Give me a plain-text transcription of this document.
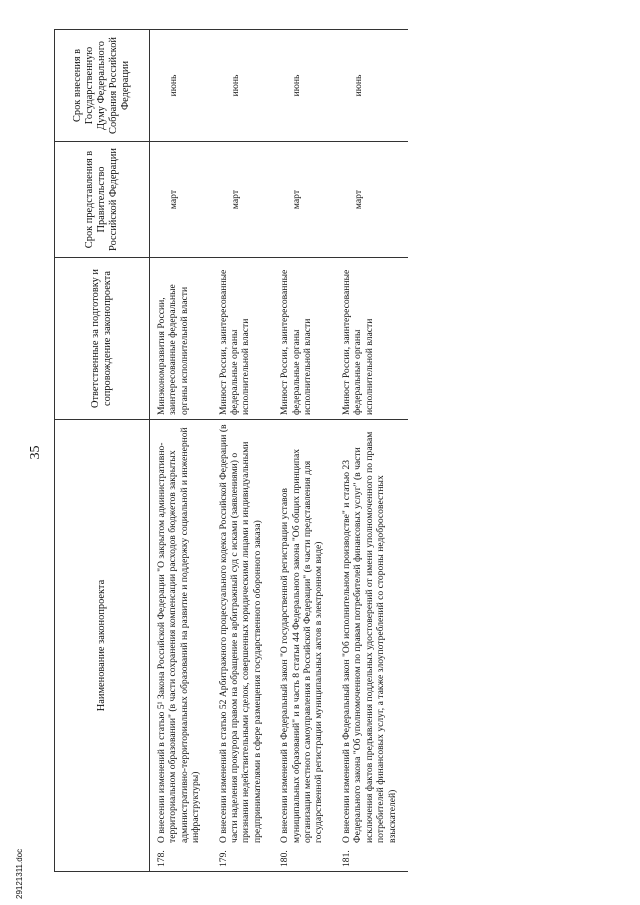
29121311.doc
35
Наименование законопроекта	Ответственные за подготовку и сопровождение законопроекта	Срок представления в Правительство Российской Федерации	Срок внесения в Государственную Думу Федерального Собрания Российской Федерации

178.
О внесении изменений в статью 5¹ Закона Российской Федерации "О закрытом административно-территориальном образовании" (в части сохранения компенсации расходов бюджетов закрытых административно-территориальных образований на развитие и поддержку социальной и инженерной инфраструктуры)	Минэкономразвития России, заинтересованные федеральные органы исполнительной власти	март	июнь

179.
О внесении изменений в статью 52 Арбитражного процессуального кодекса Российской Федерации (в части наделения прокурора правом на обращение в арбитражный суд с исками (заявлениями) о признании недействительными сделок, совершенных юридическими лицами и индивидуальными предпринимателями в сфере размещения государственного оборонного заказа)	Минюст России, заинтересованные федеральные органы исполнительной власти	март	июнь

180.
О внесении изменений в Федеральный закон "О государственной регистрации уставов муниципальных образований" и в часть 8 статьи 44 Федерального закона "Об общих принципах организации местного самоуправления в Российской Федерации" (в части представления для государственной регистрации муниципальных актов в электронном виде)	Минюст России, заинтересованные федеральные органы исполнительной власти	март	июнь

181.
О внесении изменений в Федеральный закон "Об исполнительном производстве" и статью 23 Федерального закона "Об уполномоченном по правам потребителей финансовых услуг" (в части исключения фактов предъявления поддельных удостоверений от имени уполномоченного по правам потребителей финансовых услуг, а также злоупотреблений со стороны недобросовестных взыскателей)	Минюст России, заинтересованные федеральные органы исполнительной власти	март	июнь
